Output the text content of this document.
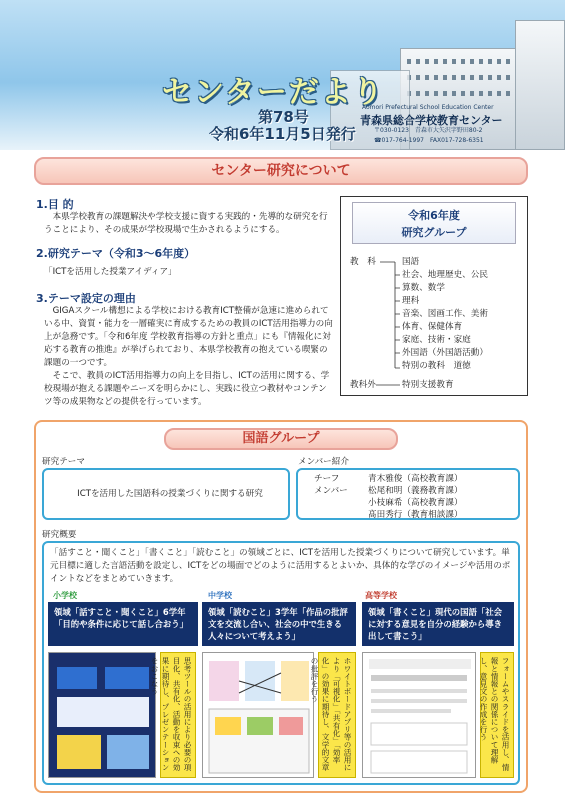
センターだより
第78号
令和6年11月5日発行
Aomori Prefectural School Education Center
青森県総合学校教育センター
〒030-0123　青森市大矢沢字野田80-2
☎017-764-1997　FAX017-728-6351
センター研究について
1.目 的
　本県学校教育の課題解決や学校支援に資する実践的・先導的な研究を行うことにより、その成果が学校現場で生かされるようにする。
2.研究テーマ（令和3～6年度）
「ICTを活用した授業アイディア」
3.テーマ設定の理由
　GIGAスクール構想による学校における教育ICT整備が急速に進められている中、資質・能力を一層確実に育成するための教員のICT活用指導力の向上が急務です。「令和6年度 学校教育指導の方針と重点」にも『情報化に対応する教育の推進』が挙げられており、本県学校教育の抱えている喫緊の課題の一つです。
　そこで、教員のICT活用指導力の向上を目指し、ICTの活用に関する、学校現場が抱える課題やニーズを明らかにし、実践に役立つ教材やコンテンツ等の成果物などの提供を行っています。
令和6年度
研究グループ
教　科	国語
社会、地理歴史、公民
算数、数学
理科
音楽、図画工作、美術
体育、保健体育
家庭、技術・家庭
外国語（外国語活動）
特別の教科　道徳
教科外	特別支援教育
国語グループ
研究テーマ
ICTを活用した国語科の授業づくりに関する研究
メンバー紹介
チーフ	青木雅俊（高校教育課）
メンバー 松尾和明（義務教育課）
小枝麻希（高校教育課）
髙田秀行（教育相談課）
研究概要
「話すこと・聞くこと」「書くこと」「読むこと」の領域ごとに、ICTを活用した授業づくりについて研究しています。単元目標に適した言語活動を設定し、ICTをどの場面でどのように活用するとよいか、具体的な学びのイメージや活用のポイントなどをまとめていきます。
小学校	中学校	高等学校
領域「話すこと・聞くこと」6学年「目的や条件に応じて話し合おう」
領域「読むこと」3学年「作品の批評文を交流し合い、社会の中で生きる人々について考えよう」
領域「書くこと」現代の国語「社会に対する意見を自分の経験から導き出して書こう」
思考ツールの活用により必要の項目化、共有化、活動を収束への効果に期待し、プレゼンテーションをおこなう	ホワイトボードアプリ等の活用により「可視化」「共有化」「効率化」の効果に期待し、文学的文章の批評を行う	フォームやスライドを活用し、情報と情報との関係について理解し、意見文の作成を行う
